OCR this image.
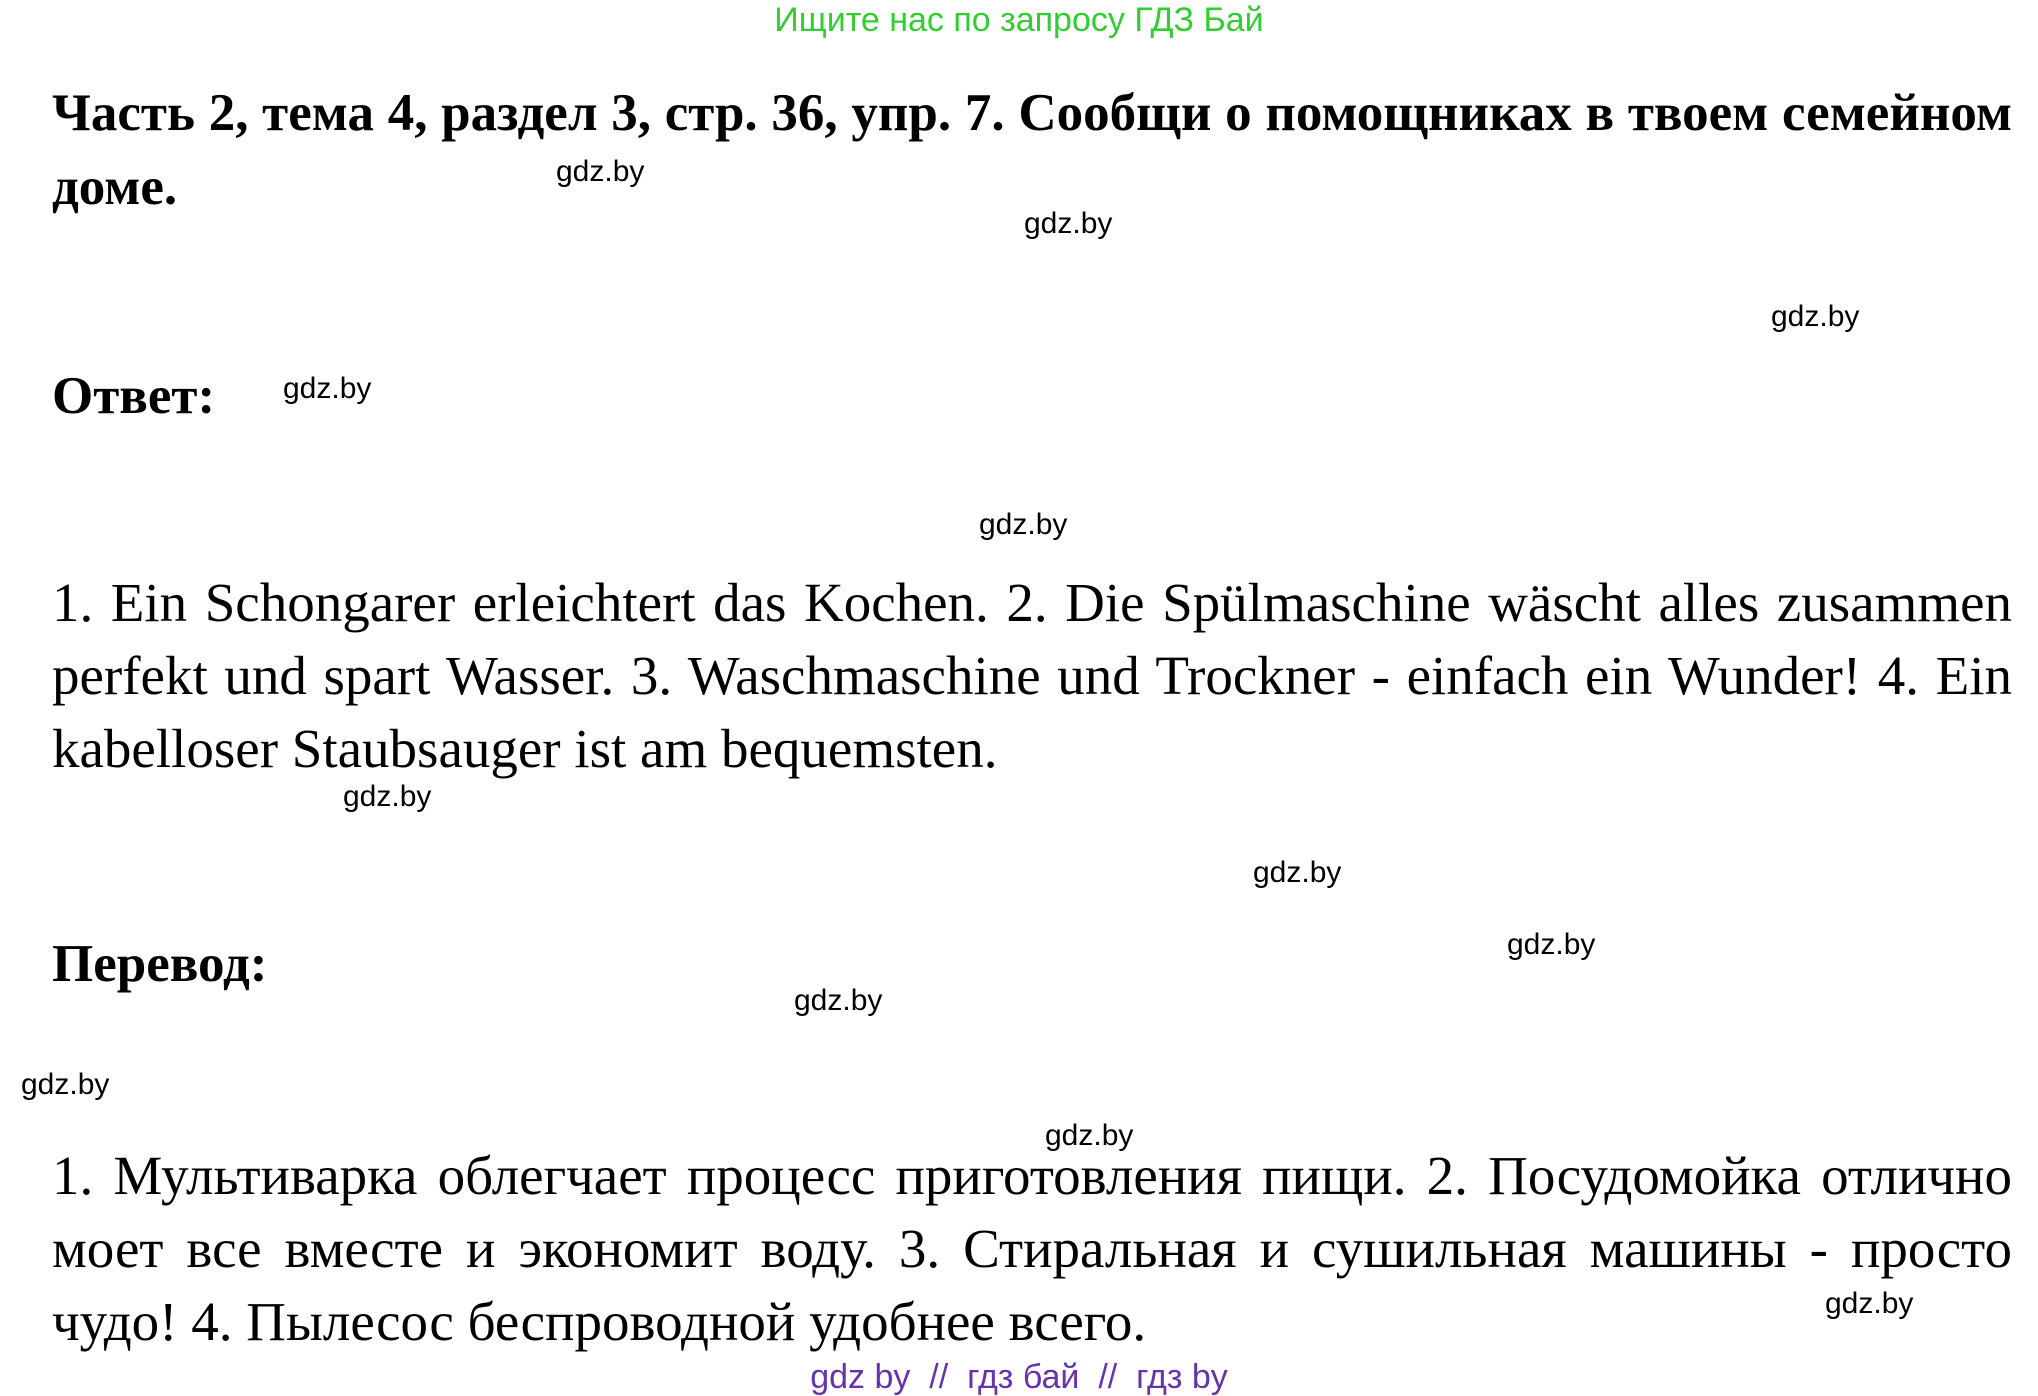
Ищите нас по запросу ГДЗ Бай
Часть 2, тема 4, раздел 3, стр. 36, упр. 7. Сообщи о помощниках в твоем семейном доме.
Ответ:
1. Ein Schongarer erleichtert das Kochen. 2. Die Spülmaschine wäscht alles zusammen perfekt und spart Wasser. 3. Waschmaschine und Trockner - einfach ein Wunder! 4. Ein kabelloser Staubsauger ist am bequemsten.
Перевод:
1. Мультиварка облегчает процесс приготовления пищи. 2. Посудомойка отлично моет все вместе и экономит воду. 3. Стиральная и сушильная машины - просто чудо! 4. Пылесос беспроводной удобнее всего.
gdz.by
gdz.by
gdz.by
gdz.by
gdz.by
gdz.by
gdz.by
gdz.by
gdz.by
gdz.by
gdz.by
gdz.by
gdz by  //  гдз бай  //  гдз by
